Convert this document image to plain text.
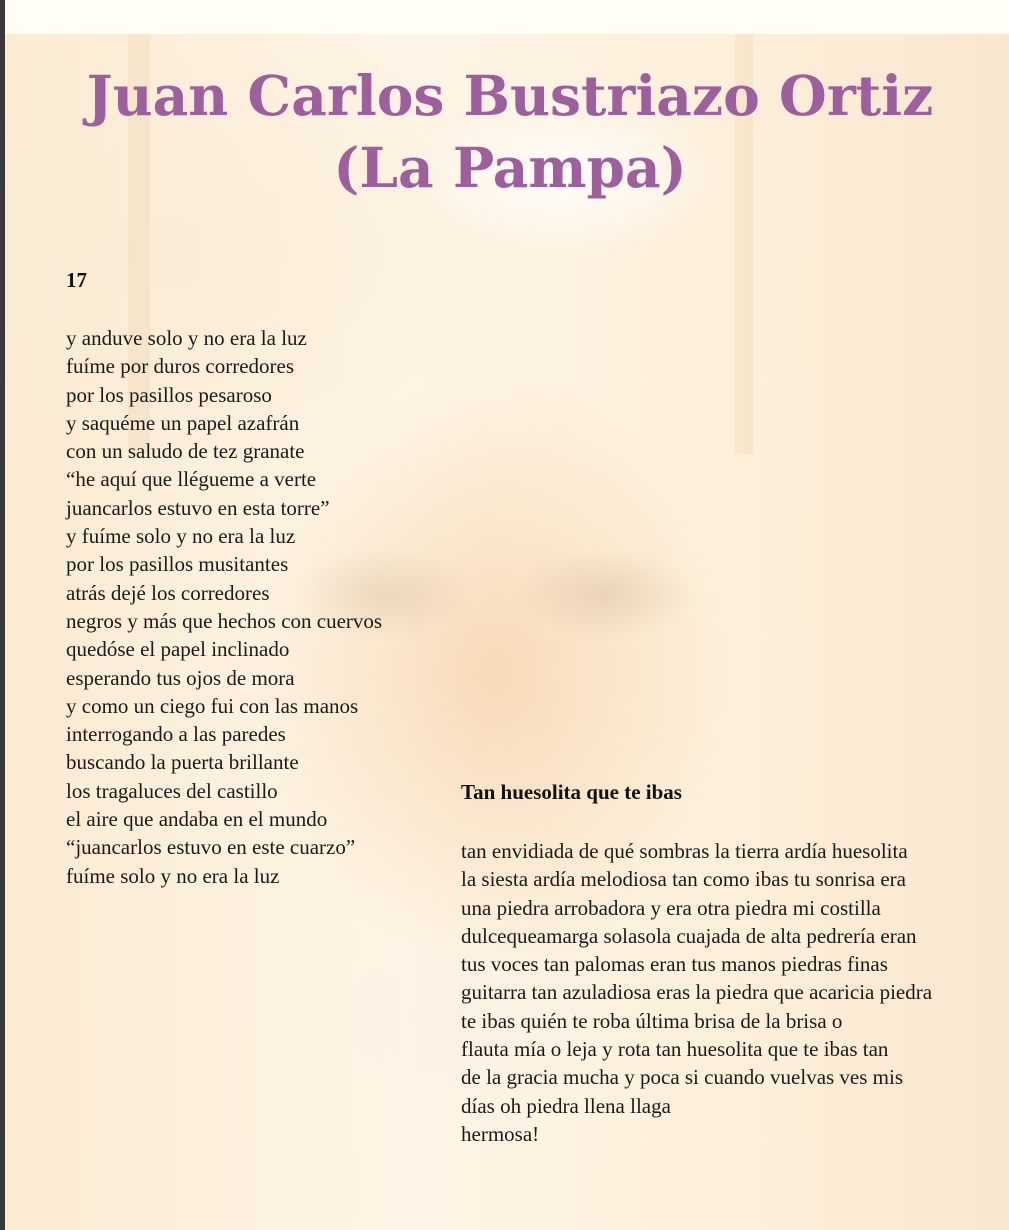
Juan Carlos Bustriazo Ortiz
(La Pampa)
17
y anduve solo y no era la luz
fuíme por duros corredores
por los pasillos pesaroso
y saquéme un papel azafrán
con un saludo de tez granate
“he aquí que llégueme a verte
juancarlos estuvo en esta torre”
y fuíme solo y no era la luz
por los pasillos musitantes
atrás dejé los corredores
negros y más que hechos con cuervos
quedóse el papel inclinado
esperando tus ojos de mora
y como un ciego fui con las manos
interrogando a las paredes
buscando la puerta brillante
los tragaluces del castillo
el aire que andaba en el mundo
“juancarlos estuvo en este cuarzo”
fuíme solo y no era la luz
Tan huesolita que te ibas
tan envidiada de qué sombras la tierra ardía huesolita
la siesta ardía melodiosa tan como ibas tu sonrisa era
una piedra arrobadora y era otra piedra mi costilla
dulcequeamarga solasola cuajada de alta pedrería eran
tus voces tan palomas eran tus manos piedras finas
guitarra tan azuladiosa eras la piedra que acaricia piedra
te ibas quién te roba última brisa de la brisa o
flauta mía o leja y rota tan huesolita que te ibas tan
de la gracia mucha y poca si cuando vuelvas ves mis
días oh piedra llena llaga
hermosa!
